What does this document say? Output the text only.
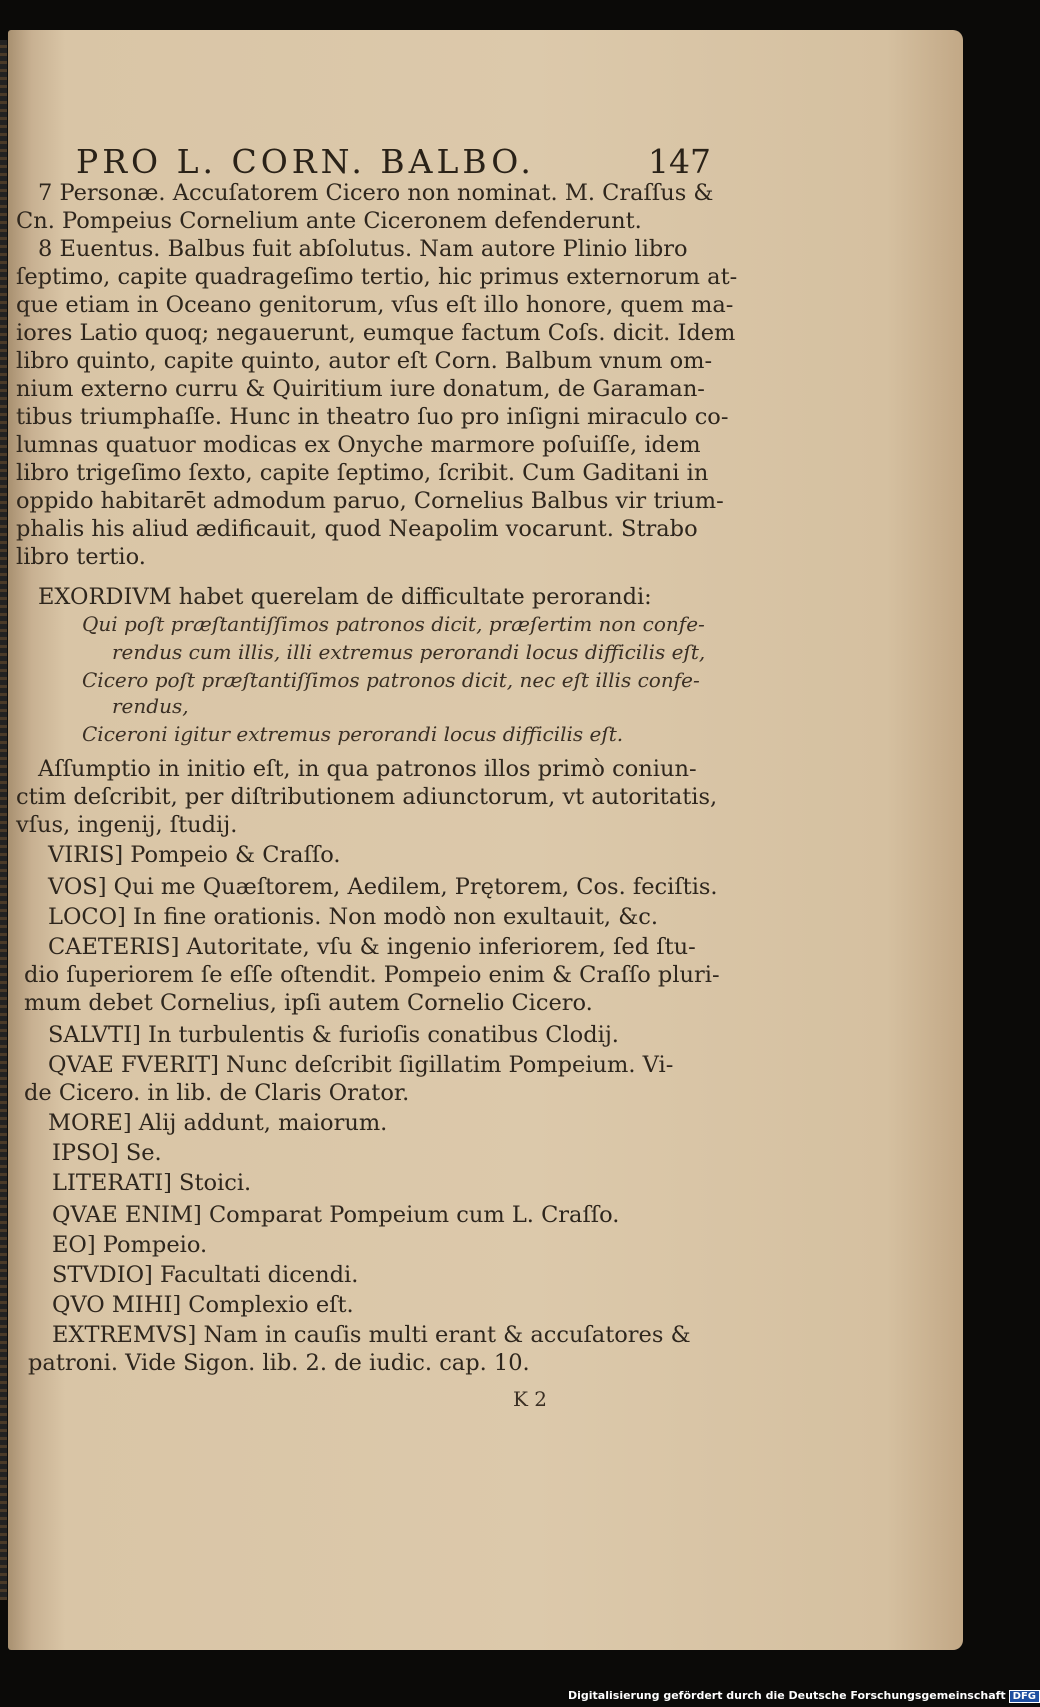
PRO L. CORN. BALBO.	147
7 Personæ. Accuſatorem Cicero non nominat. M. Craſſus &
Cn. Pompeius Cornelium ante Ciceronem defenderunt.
8 Euentus. Balbus fuit abſolutus. Nam autore Plinio libro
ſeptimo, capite quadrageſimo tertio, hic primus externorum at-
que etiam in Oceano genitorum, vſus eſt illo honore, quem ma-
iores Latio quoq; negauerunt, eumque factum Coſs. dicit. Idem
libro quinto, capite quinto, autor eſt Corn. Balbum vnum om-
nium externo curru & Quiritium iure donatum, de Garaman-
tibus triumphaſſe. Hunc in theatro ſuo pro inſigni miraculo co-
lumnas quatuor modicas ex Onyche marmore poſuiſſe, idem
libro trigeſimo ſexto, capite ſeptimo, ſcribit. Cum Gaditani in
oppido habitarēt admodum paruo, Cornelius Balbus vir trium-
phalis his aliud ædificauit, quod Neapolim vocarunt. Strabo
libro tertio.
EXORDIVM habet querelam de difficultate perorandi:
Qui poſt præſtantiſſimos patronos dicit, præſertim non confe-
rendus cum illis, illi extremus perorandi locus difficilis eſt,
Cicero poſt præſtantiſſimos patronos dicit, nec eſt illis confe-
rendus,
Ciceroni igitur extremus perorandi locus difficilis eſt.
Aſſumptio in initio eſt, in qua patronos illos primò coniun-
ctim deſcribit, per diſtributionem adiunctorum, vt autoritatis,
vſus, ingenij, ſtudij.
VIRIS] Pompeio & Craſſo.
VOS] Qui me Quæſtorem, Aedilem, Prętorem, Cos. feciſtis.
LOCO] In fine orationis. Non modò non exultauit, &c.
CAETERIS] Autoritate, vſu & ingenio inferiorem, ſed ſtu-
dio ſuperiorem ſe eſſe oſtendit. Pompeio enim & Craſſo pluri-
mum debet Cornelius, ipſi autem Cornelio Cicero.
SALVTI] In turbulentis & furioſis conatibus Clodij.
QVAE FVERIT] Nunc deſcribit ſigillatim Pompeium. Vi-
de Cicero. in lib. de Claris Orator.
MORE] Alij addunt, maiorum.
IPSO] Se.
LITERATI] Stoici.
QVAE ENIM] Comparat Pompeium cum L. Craſſo.
EO] Pompeio.
STVDIO] Facultati dicendi.
QVO MIHI] Complexio eſt.
EXTREMVS] Nam in cauſis multi erant & accuſatores &
patroni. Vide Sigon. lib. 2. de iudic. cap. 10.
K 2
Digitalisierung gefördert durch die Deutsche Forschungsgemeinschaft DFG
